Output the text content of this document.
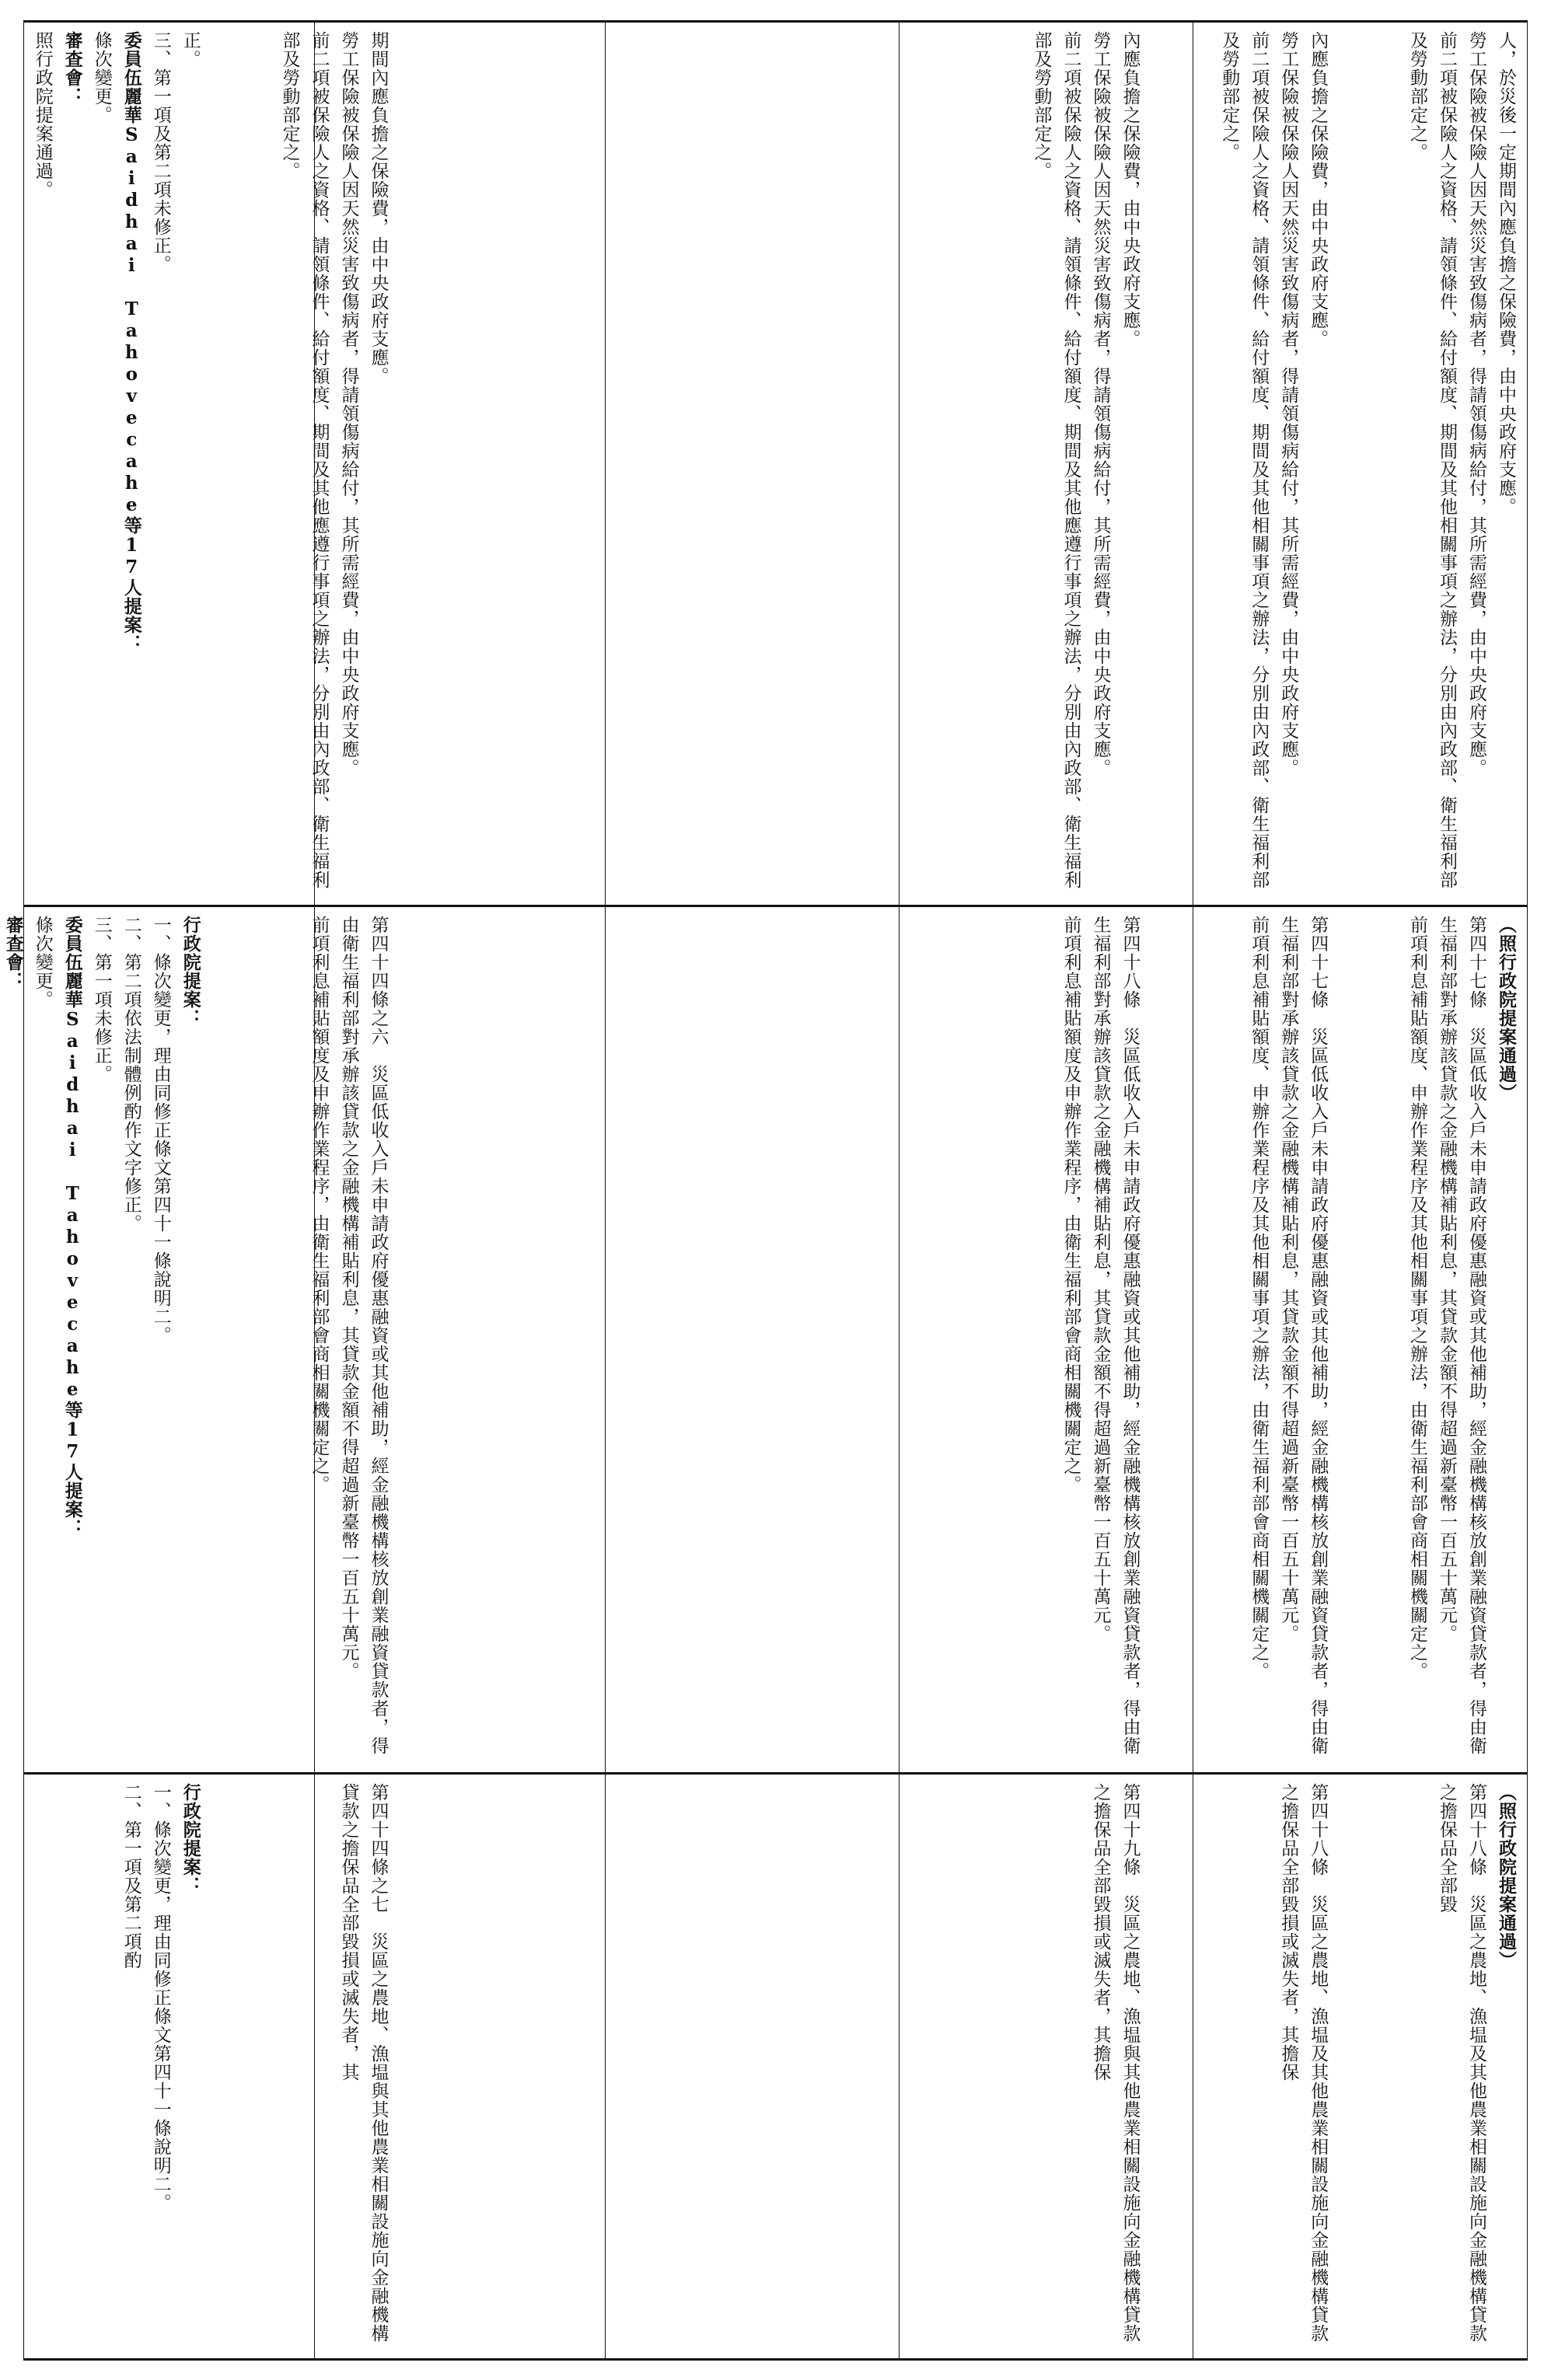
人，於災後一定期間內應負擔之保險費，由中央政府支應。
勞工保險被保險人因天然災害致傷病者，得請領傷病給付，其所需經費，由中央政府支應。
前二項被保險人之資格、請領條件、給付額度、期間及其他相關事項之辦法，分別由內政部、衛生福利部及勞動部定之。
內應負擔之保險費，由中央政府支應。
勞工保險被保險人因天然災害致傷病者，得請領傷病給付，其所需經費，由中央政府支應。
前二項被保險人之資格、請領條件、給付額度、期間及其他相關事項之辦法，分別由內政部、衛生福利部及勞動部定之。
內應負擔之保險費，由中央政府支應。
勞工保險被保險人因天然災害致傷病者，得請領傷病給付，其所需經費，由中央政府支應。
前二項被保險人之資格、請領條件、給付額度、期間及其他應遵行事項之辦法，分別由內政部、衛生福利部及勞動部定之。
期間內應負擔之保險費，由中央政府支應。
勞工保險被保險人因天然災害致傷病者，得請領傷病給付，其所需經費，由中央政府支應。
前二項被保險人之資格、請領條件、給付額度、期間及其他應遵行事項之辦法，分別由內政部、衛生福利部及勞動部定之。
正。
三、第一項及第二項未修正。
委員伍麗華Saidhai Tahovecahe等17人提案：
條次變更。
審查會：
照行政院提案通過。
（照行政院提案通過）
第四十七條　災區低收入戶未申請政府優惠融資或其他補助，經金融機構核放創業融資貸款者，得由衛生福利部對承辦該貸款之金融機構補貼利息，其貸款金額不得超過新臺幣一百五十萬元。
前項利息補貼額度、申辦作業程序及其他相關事項之辦法，由衛生福利部會商相關機關定之。
第四十七條　災區低收入戶未申請政府優惠融資或其他補助，經金融機構核放創業融資貸款者，得由衛生福利部對承辦該貸款之金融機構補貼利息，其貸款金額不得超過新臺幣一百五十萬元。
前項利息補貼額度、申辦作業程序及其他相關事項之辦法，由衛生福利部會商相關機關定之。
第四十八條　災區低收入戶未申請政府優惠融資或其他補助，經金融機構核放創業融資貸款者，得由衛生福利部對承辦該貸款之金融機構補貼利息，其貸款金額不得超過新臺幣一百五十萬元。
前項利息補貼額度及申辦作業程序，由衛生福利部會商相關機關定之。
第四十四條之六　災區低收入戶未申請政府優惠融資或其他補助，經金融機構核放創業融資貸款者，得由衛生福利部對承辦該貸款之金融機構補貼利息，其貸款金額不得超過新臺幣一百五十萬元。
前項利息補貼額度及申辦作業程序，由衛生福利部會商相關機關定之。
行政院提案：
一、條次變更，理由同修正條文第四十一條說明二。
二、第二項依法制體例酌作文字修正。
三、第一項未修正。
委員伍麗華Saidhai Tahovecahe等17人提案：
條次變更。
審查會：
（照行政院提案通過）
第四十八條　災區之農地、漁塭及其他農業相關設施向金融機構貸款之擔保品全部毀
第四十八條　災區之農地、漁塭及其他農業相關設施向金融機構貸款之擔保品全部毀損或滅失者，其擔保
第四十九條　災區之農地、漁塭與其他農業相關設施向金融機構貸款之擔保品全部毀損或滅失者，其擔保
第四十四條之七　災區之農地、漁塭與其他農業相關設施向金融機構貸款之擔保品全部毀損或滅失者，其
行政院提案：
一、條次變更，理由同修正條文第四十一條說明二。
二、第一項及第二項酌
